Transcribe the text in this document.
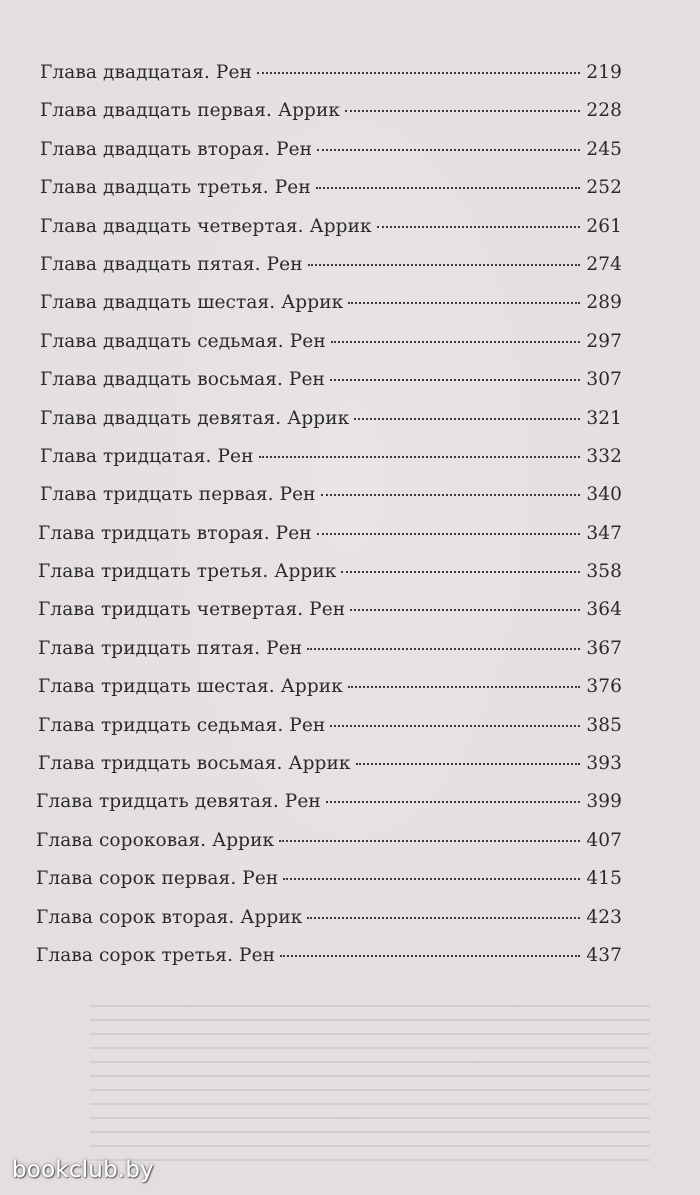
Глава двадцатая. Рен	219
Глава двадцать первая. Аррик	228
Глава двадцать вторая. Рен	245
Глава двадцать третья. Рен	252
Глава двадцать четвертая. Аррик	261
Глава двадцать пятая. Рен	274
Глава двадцать шестая. Аррик	289
Глава двадцать седьмая. Рен	297
Глава двадцать восьмая. Рен	307
Глава двадцать девятая. Аррик	321
Глава тридцатая. Рен	332
Глава тридцать первая. Рен	340
Глава тридцать вторая. Рен	347
Глава тридцать третья. Аррик	358
Глава тридцать четвертая. Рен	364
Глава тридцать пятая. Рен	367
Глава тридцать шестая. Аррик	376
Глава тридцать седьмая. Рен	385
Глава тридцать восьмая. Аррик	393
Глава тридцать девятая. Рен	399
Глава сороковая. Аррик	407
Глава сорок первая. Рен	415
Глава сорок вторая. Аррик	423
Глава сорок третья. Рен	437
bookclub.by
